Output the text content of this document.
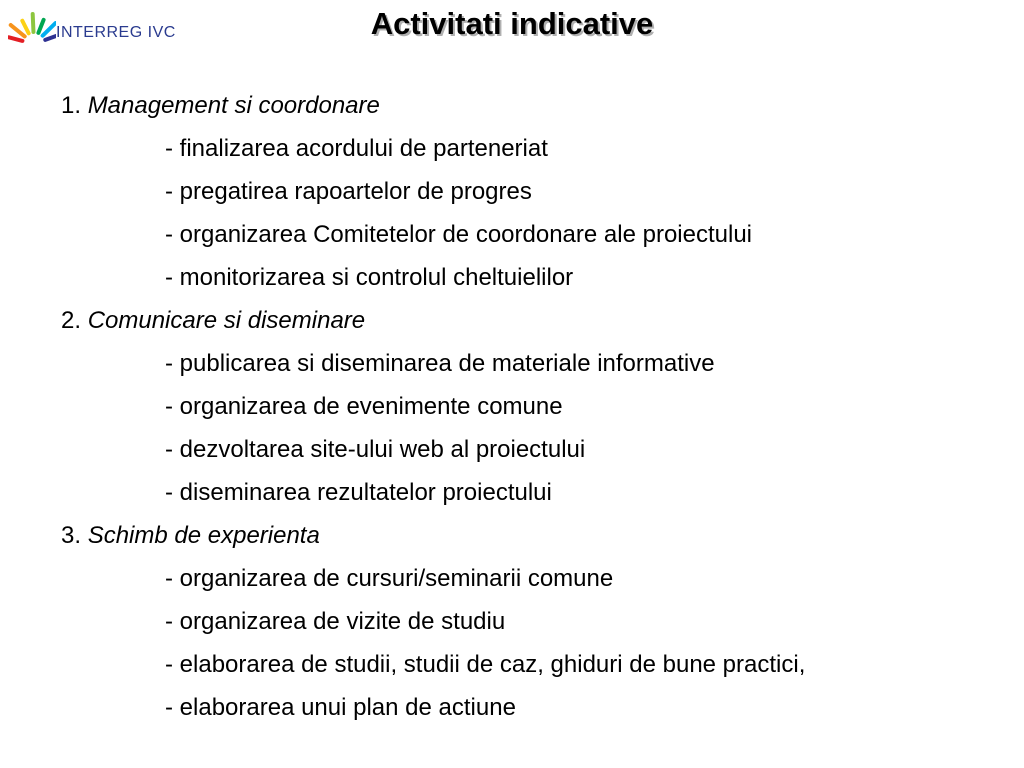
INTERREG IVC	Activitati indicative
1. Management si coordonare
- finalizarea acordului de parteneriat
- pregatirea rapoartelor de progres
- organizarea Comitetelor de coordonare ale proiectului
- monitorizarea si controlul cheltuielilor
2. Comunicare si diseminare
- publicarea si diseminarea de materiale informative
- organizarea de evenimente comune
- dezvoltarea site-ului web al proiectului
- diseminarea rezultatelor proiectului
3. Schimb de experienta
- organizarea de cursuri/seminarii comune
- organizarea de vizite de studiu
- elaborarea de studii, studii de caz, ghiduri de bune practici,
- elaborarea unui plan de actiune
